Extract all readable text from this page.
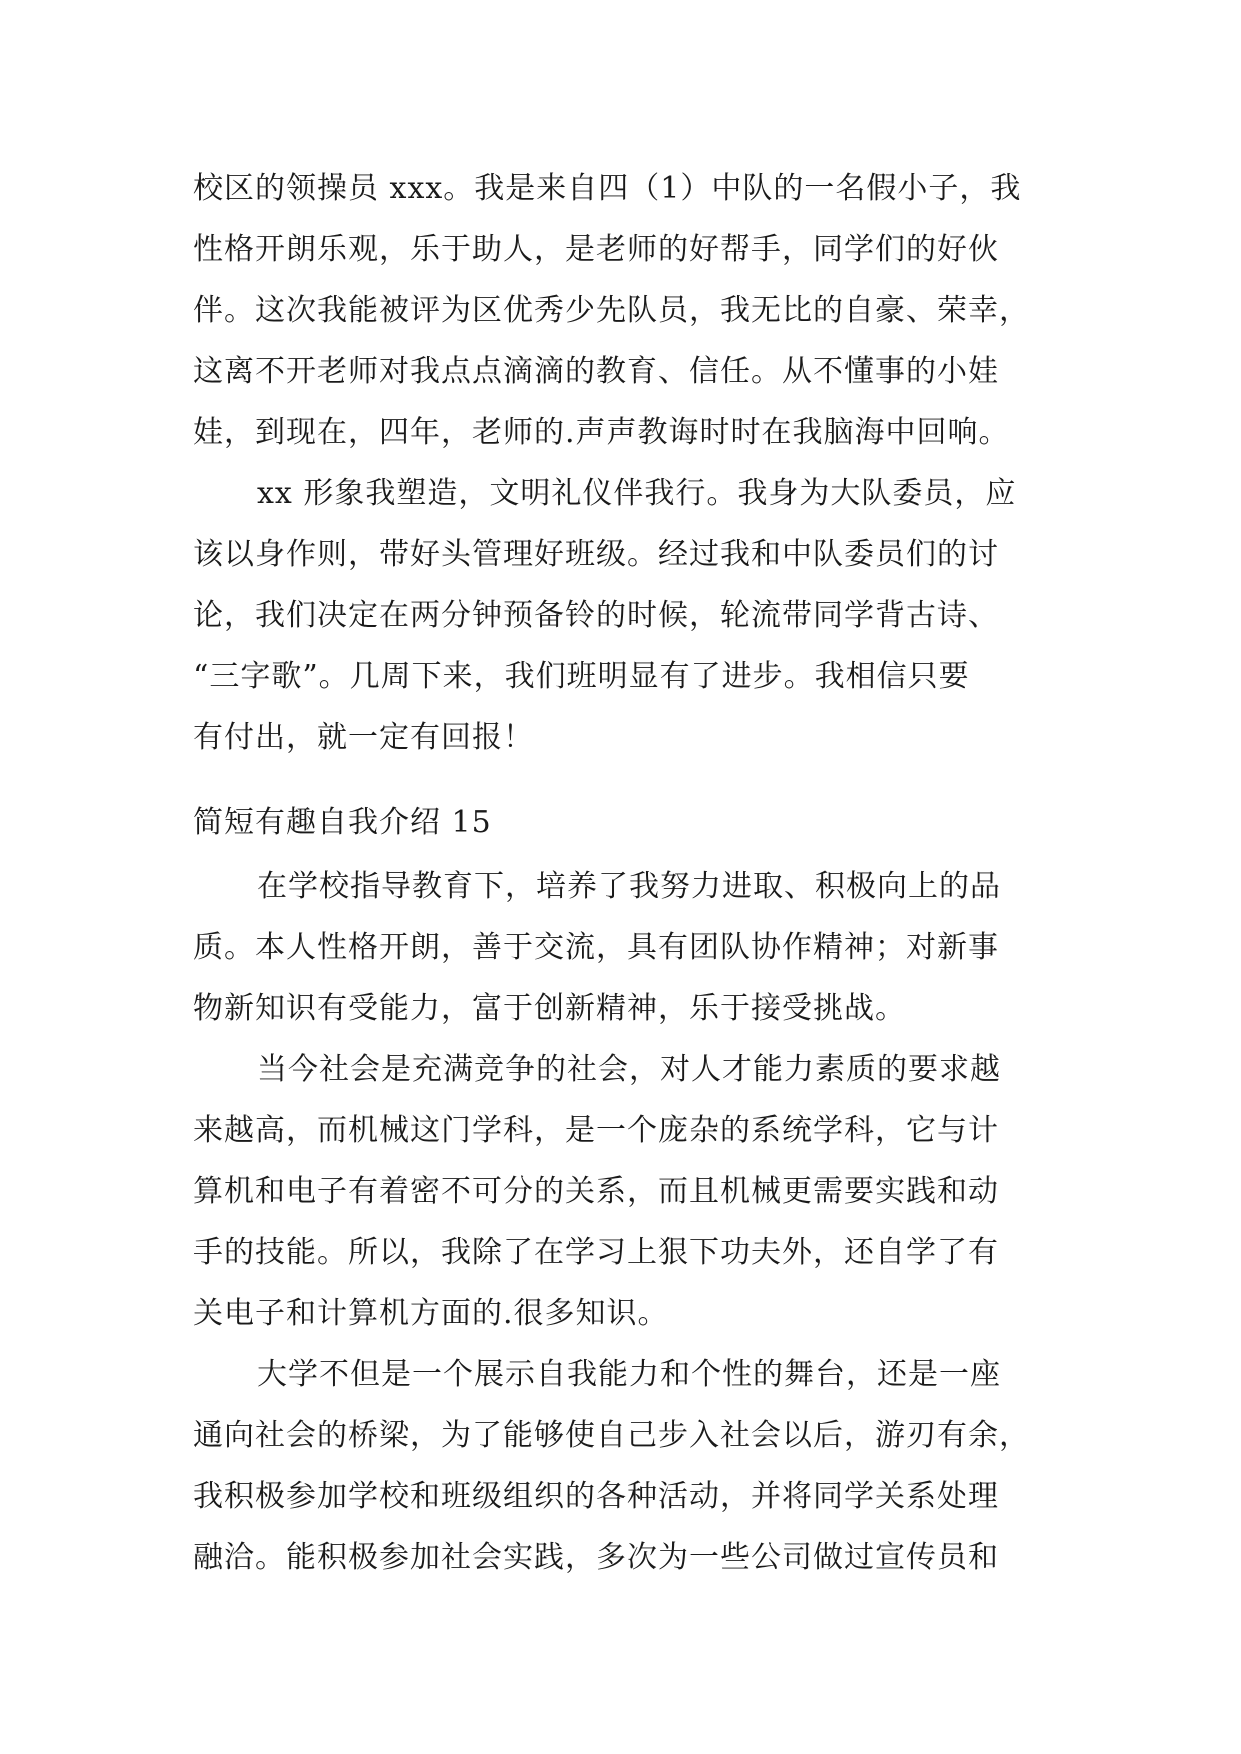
校区的领操员 xxx。我是来自四（1）中队的一名假小子，我
性格开朗乐观，乐于助人，是老师的好帮手，同学们的好伙
伴。这次我能被评为区优秀少先队员，我无比的自豪、荣幸，
这离不开老师对我点点滴滴的教育、信任。从不懂事的小娃
娃，到现在，四年，老师的.声声教诲时时在我脑海中回响。
xx 形象我塑造，文明礼仪伴我行。我身为大队委员，应
该以身作则，带好头管理好班级。经过我和中队委员们的讨
论，我们决定在两分钟预备铃的时候，轮流带同学背古诗、
“三字歌”。几周下来，我们班明显有了进步。我相信只要
有付出，就一定有回报！
简短有趣自我介绍 15
在学校指导教育下，培养了我努力进取、积极向上的品
质。本人性格开朗，善于交流，具有团队协作精神；对新事
物新知识有受能力，富于创新精神，乐于接受挑战。
当今社会是充满竞争的社会，对人才能力素质的要求越
来越高，而机械这门学科，是一个庞杂的系统学科，它与计
算机和电子有着密不可分的关系，而且机械更需要实践和动
手的技能。所以，我除了在学习上狠下功夫外，还自学了有
关电子和计算机方面的.很多知识。
大学不但是一个展示自我能力和个性的舞台，还是一座
通向社会的桥梁，为了能够使自己步入社会以后，游刃有余，
我积极参加学校和班级组织的各种活动，并将同学关系处理
融洽。能积极参加社会实践，多次为一些公司做过宣传员和
